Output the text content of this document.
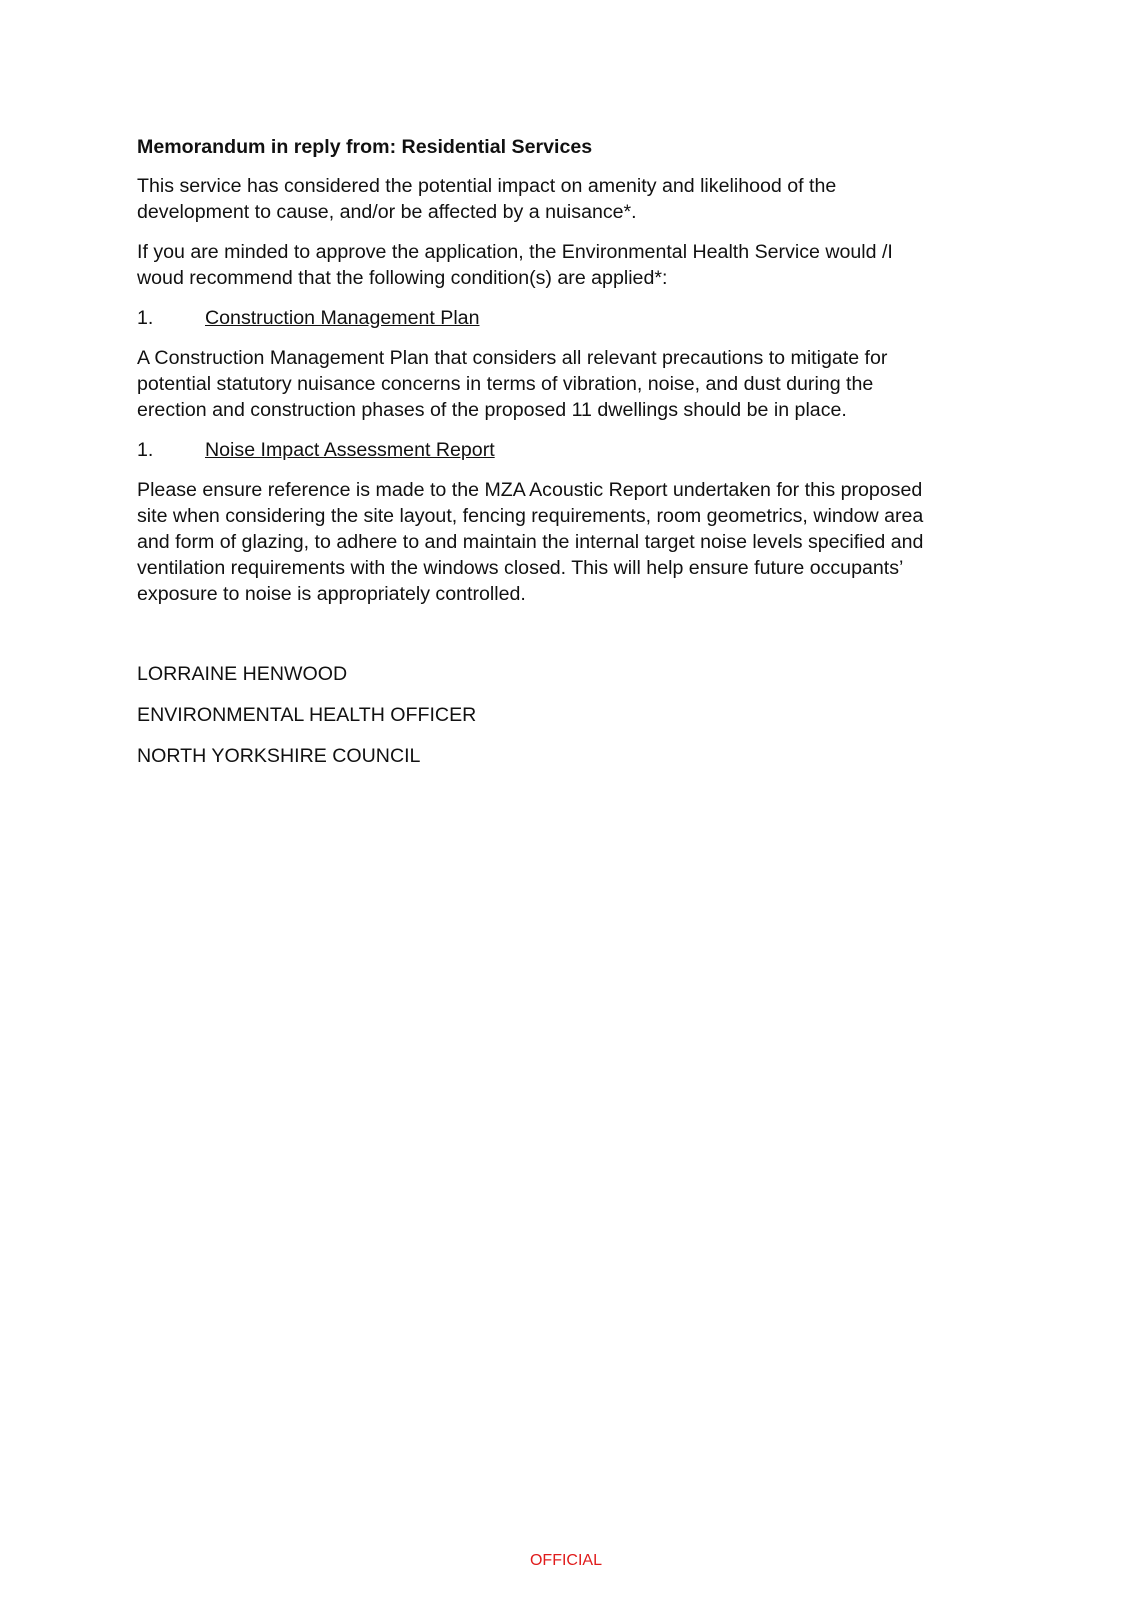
Memorandum in reply from: Residential Services

This service has considered the potential impact on amenity and likelihood of the
development to cause, and/or be affected by a nuisance*.

If you are minded to approve the application, the Environmental Health Service would /I
woud recommend that the following condition(s) are applied*:

1.	Construction Management Plan

A Construction Management Plan that considers all relevant precautions to mitigate for
potential statutory nuisance concerns in terms of vibration, noise, and dust during the
erection and construction phases of the proposed 11 dwellings should be in place.

1.	Noise Impact Assessment Report

Please ensure reference is made to the MZA Acoustic Report undertaken for this proposed
site when considering the site layout, fencing requirements, room geometrics, window area
and form of glazing, to adhere to and maintain the internal target noise levels specified and
ventilation requirements with the windows closed. This will help ensure future occupants’
exposure to noise is appropriately controlled.

LORRAINE HENWOOD
ENVIRONMENTAL HEALTH OFFICER
NORTH YORKSHIRE COUNCIL
OFFICIAL
